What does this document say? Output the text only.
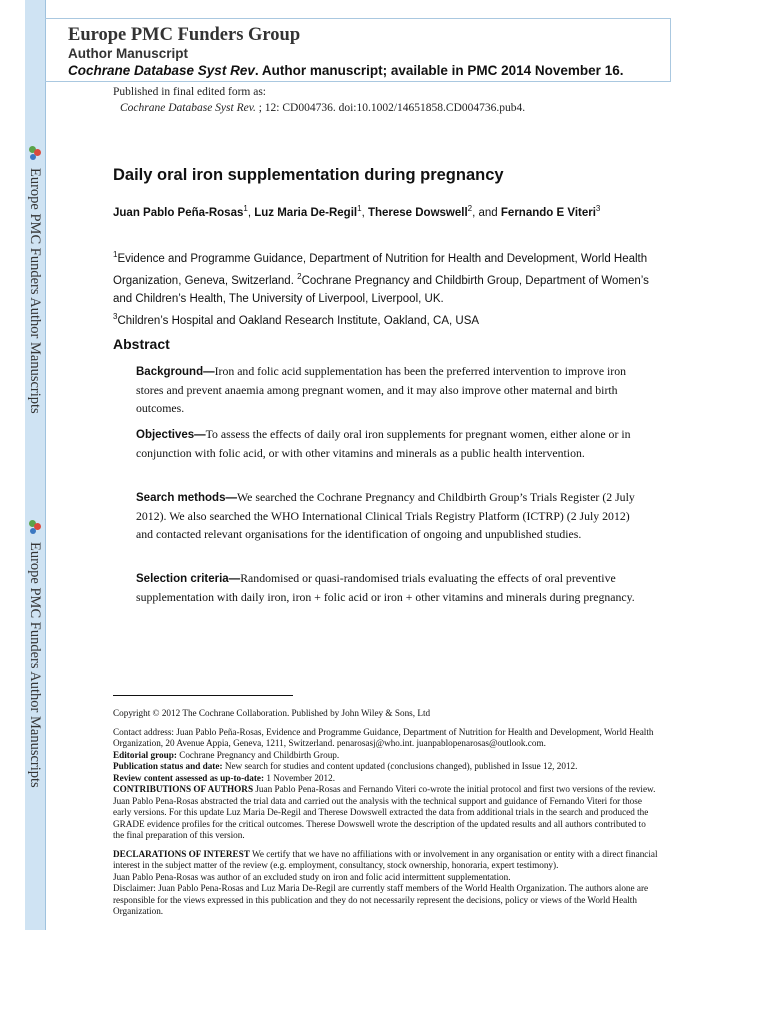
Europe PMC Funders Author Manuscripts
Europe PMC Funders Author Manuscripts
Europe PMC Funders Group
Author Manuscript
Cochrane Database Syst Rev. Author manuscript; available in PMC 2014 November 16.
Published in final edited form as:
Cochrane Database Syst Rev. ; 12: CD004736. doi:10.1002/14651858.CD004736.pub4.
Daily oral iron supplementation during pregnancy
Juan Pablo Peña-Rosas$^1$, Luz Maria De-Regil$^1$, Therese Dowswell$^2$, and Fernando E Viteri$^3$
$^1$Evidence and Programme Guidance, Department of Nutrition for Health and Development, World Health Organization, Geneva, Switzerland. $^2$Cochrane Pregnancy and Childbirth Group, Department of Women’s and Children’s Health, The University of Liverpool, Liverpool, UK.
$^3$Children’s Hospital and Oakland Research Institute, Oakland, CA, USA
Abstract
Background—Iron and folic acid supplementation has been the preferred intervention to improve iron stores and prevent anaemia among pregnant women, and it may also improve other maternal and birth outcomes.
Objectives—To assess the effects of daily oral iron supplements for pregnant women, either alone or in conjunction with folic acid, or with other vitamins and minerals as a public health intervention.
Search methods—We searched the Cochrane Pregnancy and Childbirth Group’s Trials Register (2 July 2012). We also searched the WHO International Clinical Trials Registry Platform (ICTRP) (2 July 2012) and contacted relevant organisations for the identification of ongoing and unpublished studies.
Selection criteria—Randomised or quasi-randomised trials evaluating the effects of oral preventive supplementation with daily iron, iron + folic acid or iron + other vitamins and minerals during pregnancy.

Copyright © 2012 The Cochrane Collaboration. Published by John Wiley & Sons, Ltd

Contact address: Juan Pablo Peña-Rosas, Evidence and Programme Guidance, Department of Nutrition for Health and Development, World Health Organization, 20 Avenue Appia, Geneva, 1211, Switzerland. penarosasj@who.int. juanpablopenarosas@outlook.com.

Editorial group: Cochrane Pregnancy and Childbirth Group.

Publication status and date: New search for studies and content updated (conclusions changed), published in Issue 12, 2012.

Review content assessed as up-to-date: 1 November 2012.

CONTRIBUTIONS OF AUTHORS Juan Pablo Pena-Rosas and Fernando Viteri co-wrote the initial protocol and first two versions of the review. Juan Pablo Pena-Rosas abstracted the trial data and carried out the analysis with the technical support and guidance of Fernando Viteri for those early versions. For this update Luz Maria De-Regil and Therese Dowswell extracted the data from additional trials in the search and produced the GRADE evidence profiles for the critical outcomes. Therese Dowswell wrote the description of the updated results and all authors contributed to the final preparation of this version.

DECLARATIONS OF INTEREST We certify that we have no affiliations with or involvement in any organisation or entity with a direct financial interest in the subject matter of the review (e.g. employment, consultancy, stock ownership, honoraria, expert testimony).

Juan Pablo Pena-Rosas was author of an excluded study on iron and folic acid intermittent supplementation.

Disclaimer: Juan Pablo Pena-Rosas and Luz Maria De-Regil are currently staff members of the World Health Organization. The authors alone are responsible for the views expressed in this publication and they do not necessarily represent the decisions, policy or views of the World Health Organization.
